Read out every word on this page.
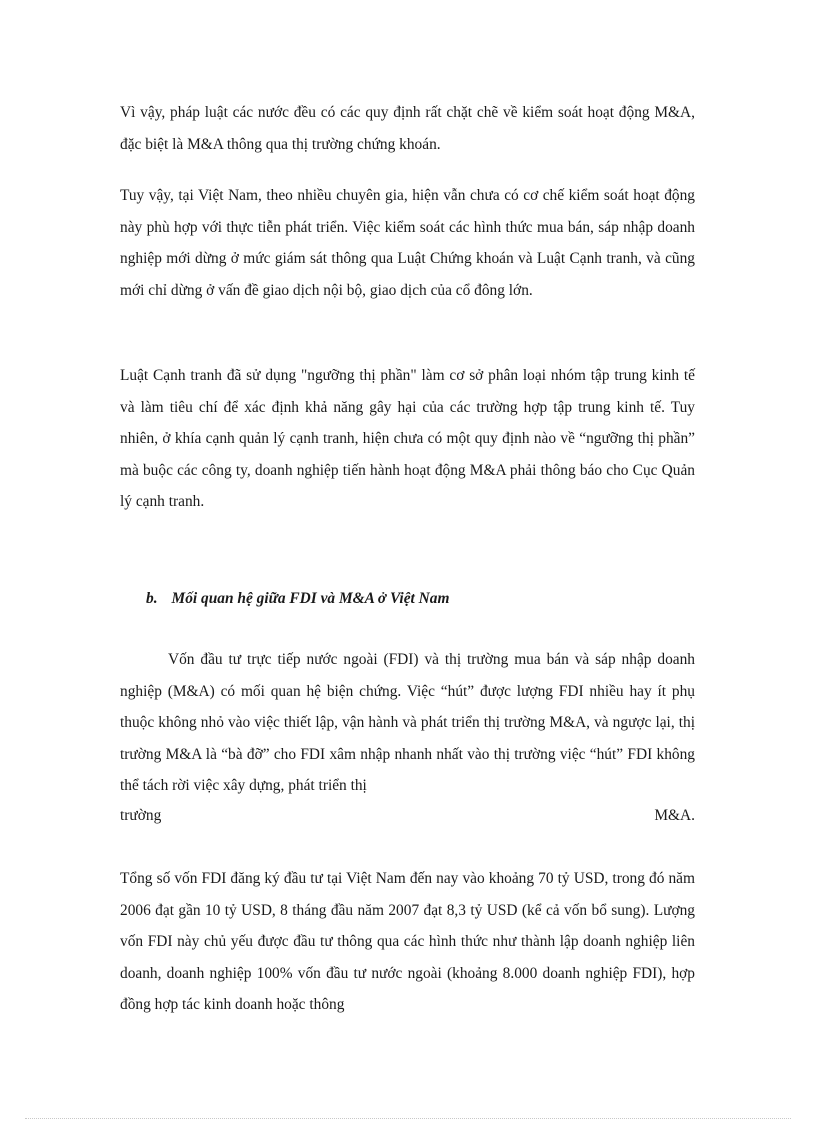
Vì vậy, pháp luật các nước đều có các quy định rất chặt chẽ về kiểm soát hoạt động M&A, đặc biệt là M&A thông qua thị trường chứng khoán.

Tuy vậy, tại Việt Nam, theo nhiều chuyên gia, hiện vẫn chưa có cơ chế kiểm soát hoạt động này phù hợp với thực tiễn phát triển. Việc kiểm soát các hình thức mua bán, sáp nhập doanh nghiệp mới dừng ở mức giám sát thông qua Luật Chứng khoán và Luật Cạnh tranh, và cũng mới chỉ dừng ở vấn đề giao dịch nội bộ, giao dịch của cổ đông lớn.

Luật Cạnh tranh đã sử dụng "ngưỡng thị phần" làm cơ sở phân loại nhóm tập trung kinh tế và làm tiêu chí để xác định khả năng gây hại của các trường hợp tập trung kinh tế. Tuy nhiên, ở khía cạnh quản lý cạnh tranh, hiện chưa có một quy định nào về “ngưỡng thị phần” mà buộc các công ty, doanh nghiệp tiến hành hoạt động M&A phải thông báo cho Cục Quản lý cạnh tranh.

b. Mối quan hệ giữa FDI và M&A ở Việt Nam

Vốn đầu tư trực tiếp nước ngoài (FDI) và thị trường mua bán và sáp nhập doanh nghiệp (M&A) có mối quan hệ biện chứng. Việc “hút” được lượng FDI nhiều hay ít phụ thuộc không nhỏ vào việc thiết lập, vận hành và phát triển thị trường M&A, và ngược lại, thị trường M&A là “bà đỡ” cho FDI xâm nhập nhanh nhất vào thị trường việc “hút” FDI không thể tách rời việc xây dựng, phát triển thị

trường	M&A.

Tổng số vốn FDI đăng ký đầu tư tại Việt Nam đến nay vào khoảng 70 tỷ USD, trong đó năm 2006 đạt gần 10 tỷ USD, 8 tháng đầu năm 2007 đạt 8,3 tỷ USD (kể cả vốn bổ sung). Lượng vốn FDI này chủ yếu được đầu tư thông qua các hình thức như thành lập doanh nghiệp liên doanh, doanh nghiệp 100% vốn đầu tư nước ngoài (khoảng 8.000 doanh nghiệp FDI), hợp đồng hợp tác kinh doanh hoặc thông
